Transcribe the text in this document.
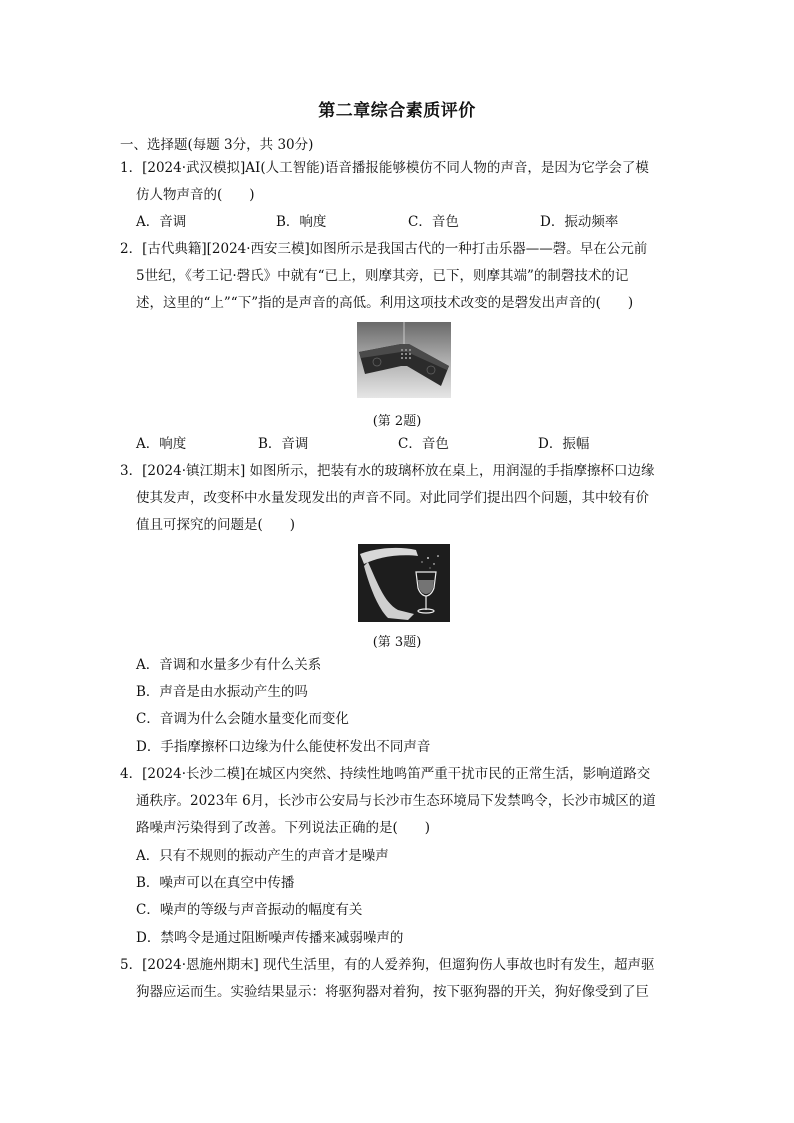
第二章综合素质评价
一、选择题(每题 3分，共 30分)
1．[2024·武汉模拟]AI(人工智能)语音播报能够模仿不同人物的声音，是因为它学会了模
仿人物声音的(　　)
A．音调	B．响度	C．音色	D．振动频率
2．[古代典籍][2024·西安三模]如图所示是我国古代的一种打击乐器——磬。早在公元前
5世纪，《考工记·磬氏》中就有“已上，则摩其旁，已下，则摩其端”的制磬技术的记
述，这里的“上”“下”指的是声音的高低。利用这项技术改变的是磬发出声音的(　　)
(第 2题)
A．响度	B．音调	C．音色	D．振幅
3．[2024·镇江期末] 如图所示，把装有水的玻璃杯放在桌上，用润湿的手指摩擦杯口边缘
使其发声，改变杯中水量发现发出的声音不同。对此同学们提出四个问题，其中较有价
值且可探究的问题是(　　)
(第 3题)
A．音调和水量多少有什么关系
B．声音是由水振动产生的吗
C．音调为什么会随水量变化而变化
D．手指摩擦杯口边缘为什么能使杯发出不同声音
4．[2024·长沙二模]在城区内突然、持续性地鸣笛严重干扰市民的正常生活，影响道路交
通秩序。2023年 6月，长沙市公安局与长沙市生态环境局下发禁鸣令，长沙市城区的道
路噪声污染得到了改善。下列说法正确的是(　　)
A．只有不规则的振动产生的声音才是噪声
B．噪声可以在真空中传播
C．噪声的等级与声音振动的幅度有关
D．禁鸣令是通过阻断噪声传播来减弱噪声的
5．[2024·恩施州期末] 现代生活里，有的人爱养狗，但遛狗伤人事故也时有发生，超声驱
狗器应运而生。实验结果显示：将驱狗器对着狗，按下驱狗器的开关，狗好像受到了巨
